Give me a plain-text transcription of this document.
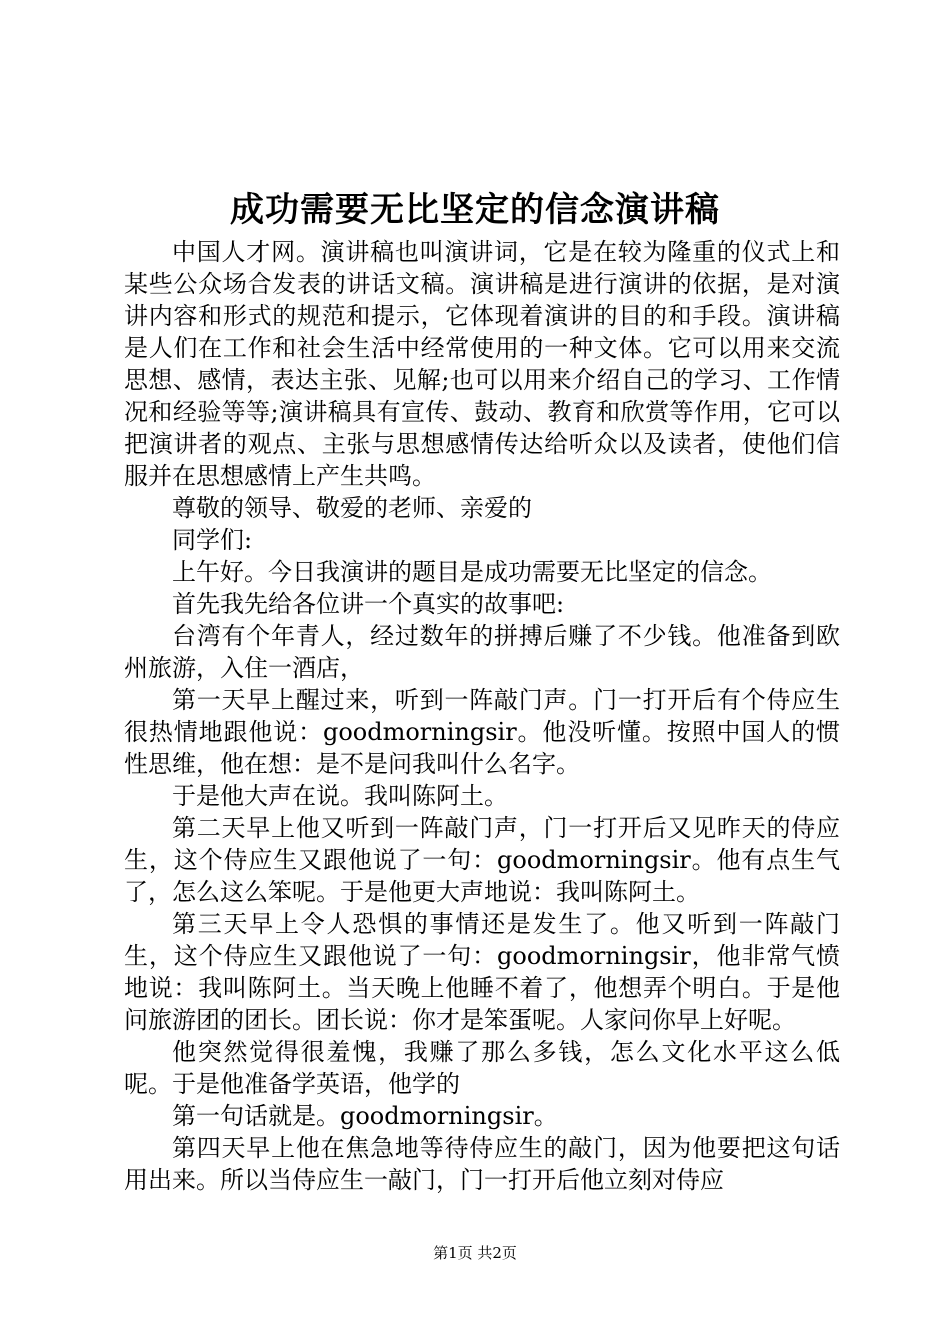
成功需要无比坚定的信念演讲稿

中国人才网。演讲稿也叫演讲词，它是在较为隆重的仪式上和某些公众场合发表的讲话文稿。演讲稿是进行演讲的依据，是对演讲内容和形式的规范和提示，它体现着演讲的目的和手段。演讲稿是人们在工作和社会生活中经常使用的一种文体。它可以用来交流思想、感情，表达主张、见解;也可以用来介绍自己的学习、工作情况和经验等等;演讲稿具有宣传、鼓动、教育和欣赏等作用，它可以把演讲者的观点、主张与思想感情传达给听众以及读者，使他们信服并在思想感情上产生共鸣。

尊敬的领导、敬爱的老师、亲爱的

同学们:

上午好。今日我演讲的题目是成功需要无比坚定的信念。

首先我先给各位讲一个真实的故事吧:

台湾有个年青人，经过数年的拼搏后赚了不少钱。他准备到欧州旅游，入住一酒店，

第一天早上醒过来，听到一阵敲门声。门一打开后有个侍应生很热情地跟他说：goodmorningsir。他没听懂。按照中国人的惯性思维，他在想：是不是问我叫什么名字。

于是他大声在说。我叫陈阿土。

第二天早上他又听到一阵敲门声，门一打开后又见昨天的侍应生，这个侍应生又跟他说了一句：goodmorningsir。他有点生气了，怎么这么笨呢。于是他更大声地说：我叫陈阿土。

第三天早上令人恐惧的事情还是发生了。他又听到一阵敲门生，这个侍应生又跟他说了一句：goodmorningsir，他非常气愤地说：我叫陈阿土。当天晚上他睡不着了，他想弄个明白。于是他问旅游团的团长。团长说：你才是笨蛋呢。人家问你早上好呢。

他突然觉得很羞愧，我赚了那么多钱，怎么文化水平这么低呢。于是他准备学英语，他学的

第一句话就是。goodmorningsir。

第四天早上他在焦急地等待侍应生的敲门，因为他要把这句话用出来。所以当侍应生一敲门，门一打开后他立刻对侍应

第1页 共2页
